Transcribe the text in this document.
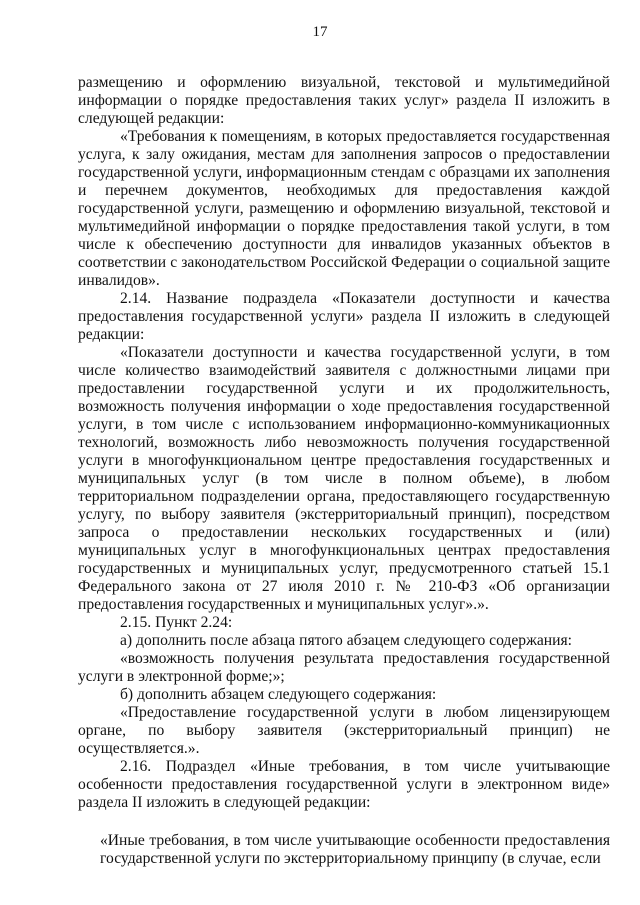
17

размещению и оформлению визуальной, текстовой и мультимедийной информации о порядке предоставления таких услуг» раздела II изложить в следующей редакции:

«Требования к помещениям, в которых предоставляется государственная услуга, к залу ожидания, местам для заполнения запросов о предоставлении государственной услуги, информационным стендам с образцами их заполнения и перечнем документов, необходимых для предоставления каждой государственной услуги, размещению и оформлению визуальной, текстовой и мультимедийной информации о порядке предоставления такой услуги, в том числе к обеспечению доступности для инвалидов указанных объектов в соответствии с законодательством Российской Федерации о социальной защите инвалидов».

2.14. Название подраздела «Показатели доступности и качества предоставления государственной услуги» раздела II изложить в следующей редакции:

«Показатели доступности и качества государственной услуги, в том числе количество взаимодействий заявителя с должностными лицами при предоставлении государственной услуги и их продолжительность, возможность получения информации о ходе предоставления государственной услуги, в том числе с использованием информационно-коммуникационных технологий, возможность либо невозможность получения государственной услуги в многофункциональном центре предоставления государственных и муниципальных услуг (в том числе в полном объеме), в любом территориальном подразделении органа, предоставляющего государственную услугу, по выбору заявителя (экстерриториальный принцип), посредством запроса о предоставлении нескольких государственных и (или) муниципальных услуг в многофункциональных центрах предоставления государственных и муниципальных услуг, предусмотренного статьей 15.1 Федерального закона от 27 июля 2010 г. № 210-ФЗ «Об организации предоставления государственных и муниципальных услуг».».

2.15. Пункт 2.24:

а) дополнить после абзаца пятого абзацем следующего содержания:

«возможность получения результата предоставления государственной услуги в электронной форме;»;

б) дополнить абзацем следующего содержания:

«Предоставление государственной услуги в любом лицензирующем органе, по выбору заявителя (экстерриториальный принцип) не осуществляется.».

2.16. Подраздел «Иные требования, в том числе учитывающие особенности предоставления государственной услуги в электронном виде» раздела II изложить в следующей редакции:

«Иные требования, в том числе учитывающие особенности предоставления государственной услуги по экстерриториальному принципу (в случае, если
